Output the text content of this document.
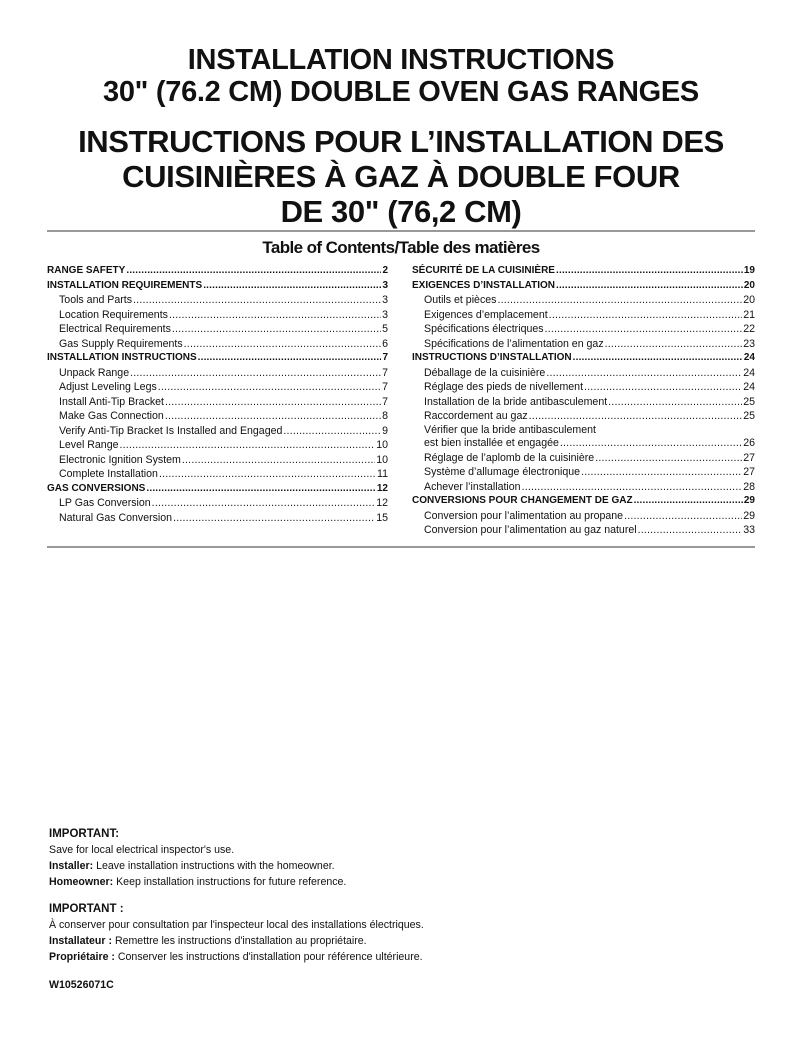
INSTALLATION INSTRUCTIONS
30" (76.2 CM) DOUBLE OVEN GAS RANGES
INSTRUCTIONS POUR L’INSTALLATION DES
CUISINIÈRES À GAZ À DOUBLE FOUR
DE 30" (76,2 CM)
Table of Contents/Table des matières
RANGE SAFETY .....	2
INSTALLATION REQUIREMENTS .....	3
Tools and Parts .....	3
Location Requirements .....	3
Electrical Requirements .....	5
Gas Supply Requirements .....	6
INSTALLATION INSTRUCTIONS .....	7
Unpack Range .....	7
Adjust Leveling Legs .....	7
Install Anti-Tip Bracket .....	7
Make Gas Connection .....	8
Verify Anti-Tip Bracket Is Installed and Engaged .....	9
Level Range .....	10
Electronic Ignition System .....	10
Complete Installation .....	11
GAS CONVERSIONS .....	12
LP Gas Conversion .....	12
Natural Gas Conversion .....	15
SÉCURITÉ DE LA CUISINIÈRE .....	19
EXIGENCES D’INSTALLATION .....	20
Outils et pièces .....	20
Exigences d’emplacement .....	21
Spécifications électriques .....	22
Spécifications de l’alimentation en gaz .....	23
INSTRUCTIONS D’INSTALLATION .....	24
Déballage de la cuisinière .....	24
Réglage des pieds de nivellement .....	24
Installation de la bride antibasculement .....	25
Raccordement au gaz .....	25
Vérifier que la bride antibasculement
est bien installée et engagée .....	26
Réglage de l’aplomb de la cuisinière .....	27
Système d’allumage électronique .....	27
Achever l’installation .....	28
CONVERSIONS POUR CHANGEMENT DE GAZ .....	29
Conversion pour l’alimentation au propane .....	29
Conversion pour l’alimentation au gaz naturel .....	33
IMPORTANT:
Save for local electrical inspector's use.
Installer: Leave installation instructions with the homeowner.
Homeowner: Keep installation instructions for future reference.
IMPORTANT :
À conserver pour consultation par l'inspecteur local des installations électriques.
Installateur : Remettre les instructions d'installation au propriétaire.
Propriétaire : Conserver les instructions d'installation pour référence ultérieure.
W10526071C
